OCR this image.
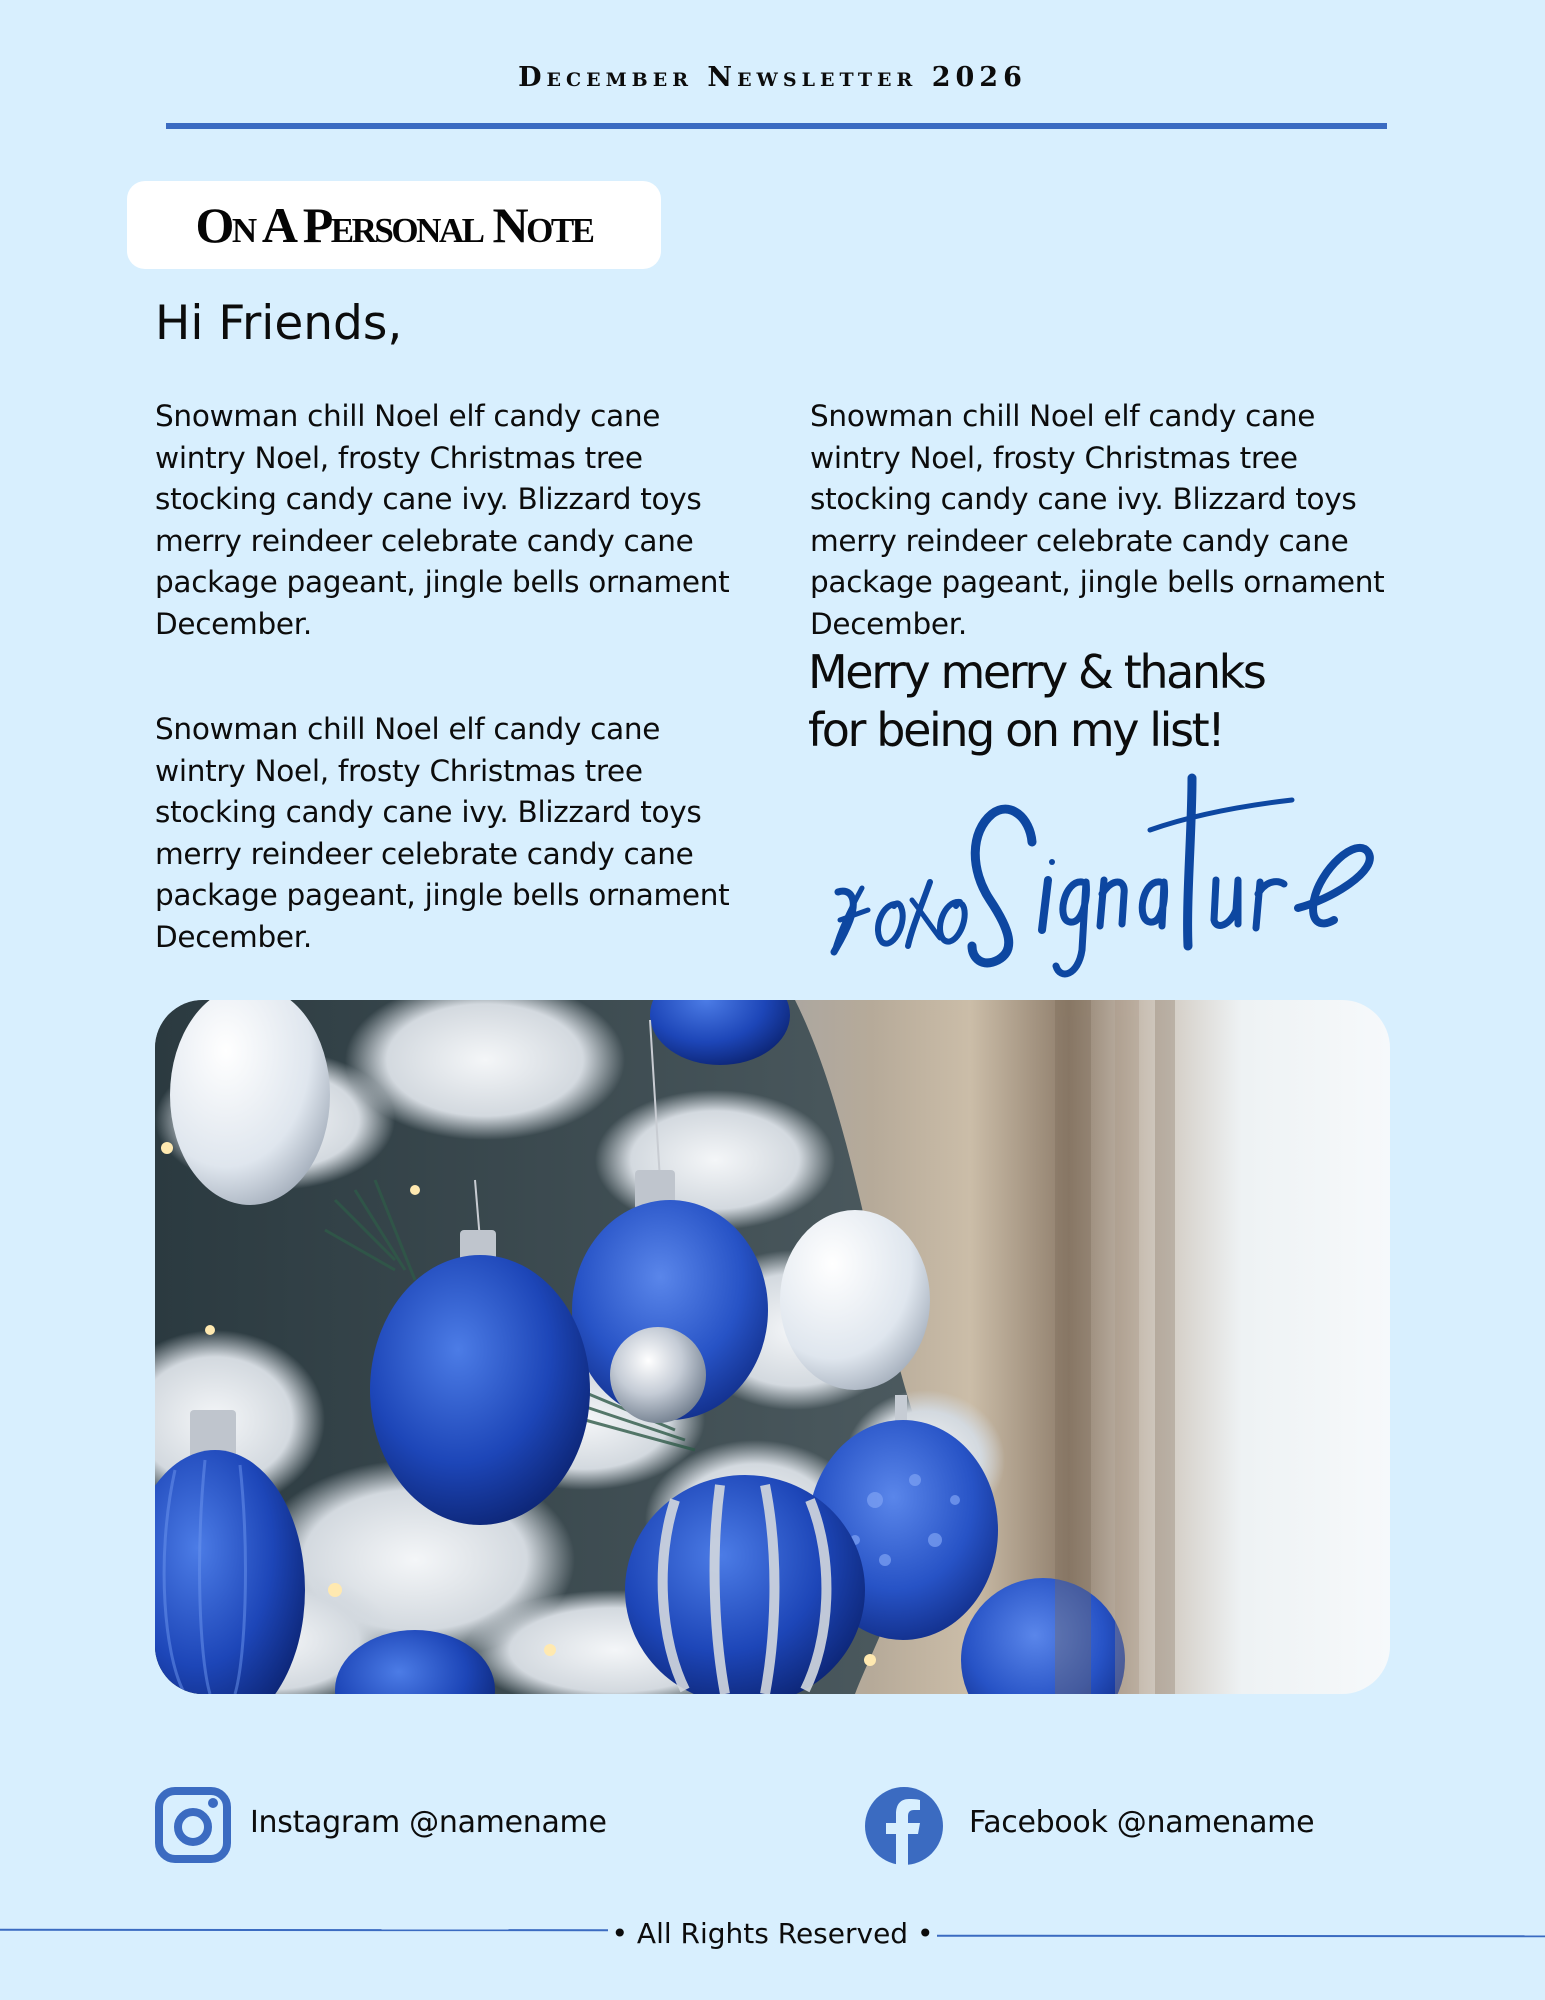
December Newsletter 2026
On A Personal Note
Hi Friends,
Snowman chill Noel elf candy cane wintry Noel, frosty Christmas tree stocking candy cane ivy. Blizzard toys merry reindeer celebrate candy cane package pageant, jingle bells ornament December.
Snowman chill Noel elf candy cane wintry Noel, frosty Christmas tree stocking candy cane ivy. Blizzard toys merry reindeer celebrate candy cane package pageant, jingle bells ornament December.
Snowman chill Noel elf candy cane wintry Noel, frosty Christmas tree stocking candy cane ivy. Blizzard toys merry reindeer celebrate candy cane package pageant, jingle bells ornament December.
Merry merry & thanks
for being on my list!
Instagram @namename	Facebook @namename
• All Rights Reserved •
